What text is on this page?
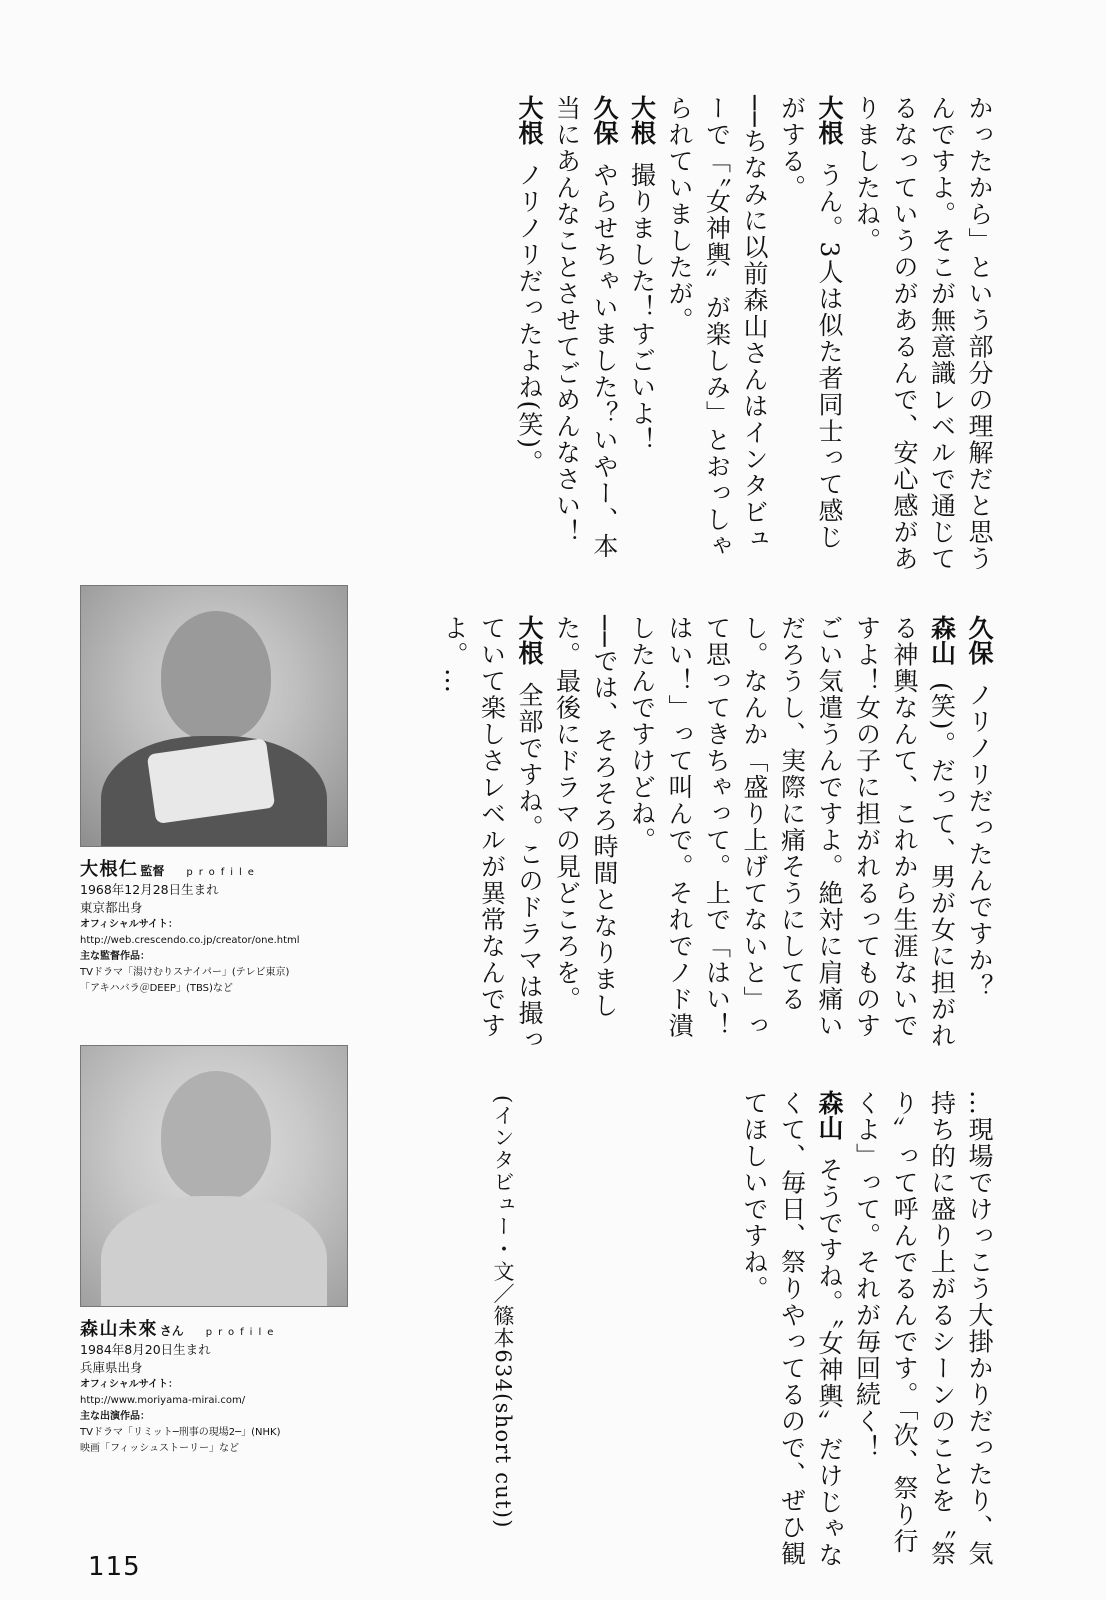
かったから」という部分の理解だと思うんですよ。そこが無意識レベルで通じてるなっていうのがあるんで、安心感がありましたね。

大根 うん。3人は似た者同士って感じがする。

──ちなみに以前森山さんはインタビューで「〝女神輿〟が楽しみ」とおっしゃられていましたが。

大根 撮りました！すごいよ！

久保 やらせちゃいました？いやー、本当にあんなことさせてごめんなさい！

大根 ノリノリだったよね(笑)。

久保 ノリノリだったんですか？

森山 (笑)。だって、男が女に担がれる神輿なんて、これから生涯ないですよ！女の子に担がれるってものすごい気遣うんですよ。絶対に肩痛いだろうし、実際に痛そうにしてるし。なんか「盛り上げてないと」って思ってきちゃって。上で「はい！はい！」って叫んで。それでノド潰したんですけどね。

──では、そろそろ時間となりました。最後にドラマの見どころを。

大根 全部ですね。このドラマは撮っていて楽しさレベルが異常なんですよ。…

…現場でけっこう大掛かりだったり、気持ち的に盛り上がるシーンのことを〝祭り〟って呼んでるんです。「次、祭り行くよ」って。それが毎回続く！

森山 そうですね。〝女神輿〟だけじゃなくて、毎日、祭りやってるので、ぜひ観てほしいですね。

(インタビュー・文／篠本634(short cut))
大根仁 監督 profile
1968年12月28日生まれ
東京都出身
オフィシャルサイト：
http://web.crescendo.co.jp/creator/one.html
主な監督作品：
TVドラマ「湯けむりスナイパー」(テレビ東京)
「アキハバラ＠DEEP」(TBS)など
森山未來 さん profile
1984年8月20日生まれ
兵庫県出身
オフィシャルサイト：
http://www.moriyama-mirai.com/
主な出演作品：
TVドラマ「リミット─刑事の現場2─」(NHK)
映画「フィッシュストーリー」など
115
